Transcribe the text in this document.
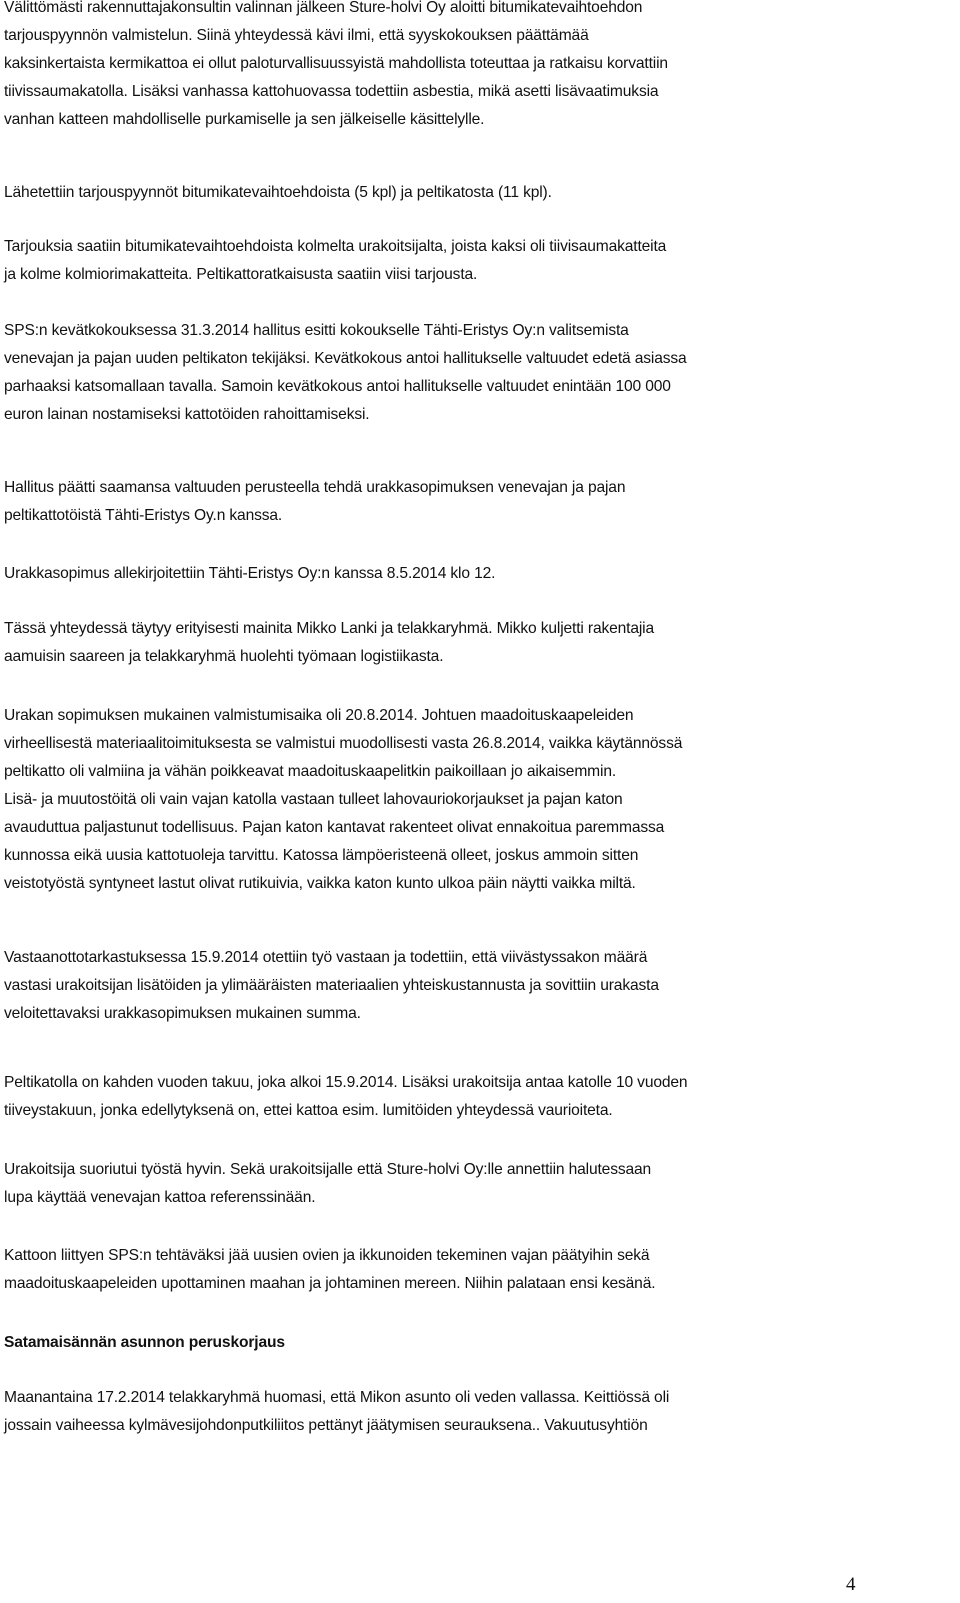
Välittömästi rakennuttajakonsultin valinnan jälkeen Sture-holvi Oy aloitti bitumikatevaihtoehdon
tarjouspyynnön valmistelun. Siinä yhteydessä kävi ilmi, että syyskokouksen päättämää
kaksinkertaista kermikattoa ei ollut paloturvallisuussyistä mahdollista toteuttaa ja ratkaisu korvattiin
tiivissaumakatolla. Lisäksi vanhassa kattohuovassa todettiin asbestia, mikä asetti lisävaatimuksia
vanhan katteen mahdolliselle purkamiselle ja sen jälkeiselle käsittelylle.
Lähetettiin tarjouspyynnöt bitumikatevaihtoehdoista (5 kpl) ja peltikatosta (11 kpl).
Tarjouksia saatiin bitumikatevaihtoehdoista kolmelta urakoitsijalta, joista kaksi oli tiivisaumakatteita
ja kolme kolmiorimakatteita. Peltikattoratkaisusta saatiin viisi tarjousta.
SPS:n kevätkokouksessa 31.3.2014 hallitus esitti kokoukselle Tähti-Eristys Oy:n valitsemista
venevajan ja pajan uuden peltikaton tekijäksi. Kevätkokous antoi hallitukselle valtuudet edetä asiassa
parhaaksi katsomallaan tavalla. Samoin kevätkokous antoi hallitukselle valtuudet enintään 100 000
euron lainan nostamiseksi kattotöiden rahoittamiseksi.
Hallitus päätti saamansa valtuuden perusteella tehdä urakkasopimuksen venevajan ja pajan
peltikattotöistä Tähti-Eristys Oy.n kanssa.
Urakkasopimus allekirjoitettiin Tähti-Eristys Oy:n kanssa 8.5.2014 klo 12.
Tässä yhteydessä täytyy erityisesti mainita Mikko Lanki ja telakkaryhmä. Mikko kuljetti rakentajia
aamuisin saareen ja telakkaryhmä huolehti työmaan logistiikasta.
Urakan sopimuksen mukainen valmistumisaika oli 20.8.2014. Johtuen maadoituskaapeleiden
virheellisestä materiaalitoimituksesta se valmistui muodollisesti vasta 26.8.2014, vaikka käytännössä
peltikatto oli valmiina ja vähän poikkeavat maadoituskaapelitkin paikoillaan jo aikaisemmin.
Lisä- ja muutostöitä oli vain vajan katolla vastaan tulleet lahovauriokorjaukset ja pajan katon
avauduttua paljastunut todellisuus. Pajan katon kantavat rakenteet olivat ennakoitua paremmassa
kunnossa eikä uusia kattotuoleja tarvittu. Katossa lämpöeristeenä olleet, joskus ammoin sitten
veistotyöstä syntyneet lastut olivat rutikuivia, vaikka katon kunto ulkoa päin näytti vaikka miltä.
Vastaanottotarkastuksessa 15.9.2014 otettiin työ vastaan ja todettiin, että viivästyssakon määrä
vastasi urakoitsijan lisätöiden ja ylimääräisten materiaalien yhteiskustannusta ja sovittiin urakasta
veloitettavaksi urakkasopimuksen mukainen summa.
Peltikatolla on kahden vuoden takuu, joka alkoi 15.9.2014. Lisäksi urakoitsija antaa katolle 10 vuoden
tiiveystakuun, jonka edellytyksenä on, ettei kattoa esim. lumitöiden yhteydessä vaurioiteta.
Urakoitsija suoriutui työstä hyvin. Sekä urakoitsijalle että Sture-holvi Oy:lle annettiin halutessaan
lupa käyttää venevajan kattoa referenssinään.
Kattoon liittyen SPS:n tehtäväksi jää uusien ovien ja ikkunoiden tekeminen vajan päätyihin sekä
maadoituskaapeleiden upottaminen maahan ja johtaminen mereen. Niihin palataan ensi kesänä.
Satamaisännän asunnon peruskorjaus
Maanantaina 17.2.2014 telakkaryhmä huomasi, että Mikon asunto oli veden vallassa. Keittiössä oli
jossain vaiheessa kylmävesijohdonputkiliitos pettänyt jäätymisen seurauksena.. Vakuutusyhtiön
4
